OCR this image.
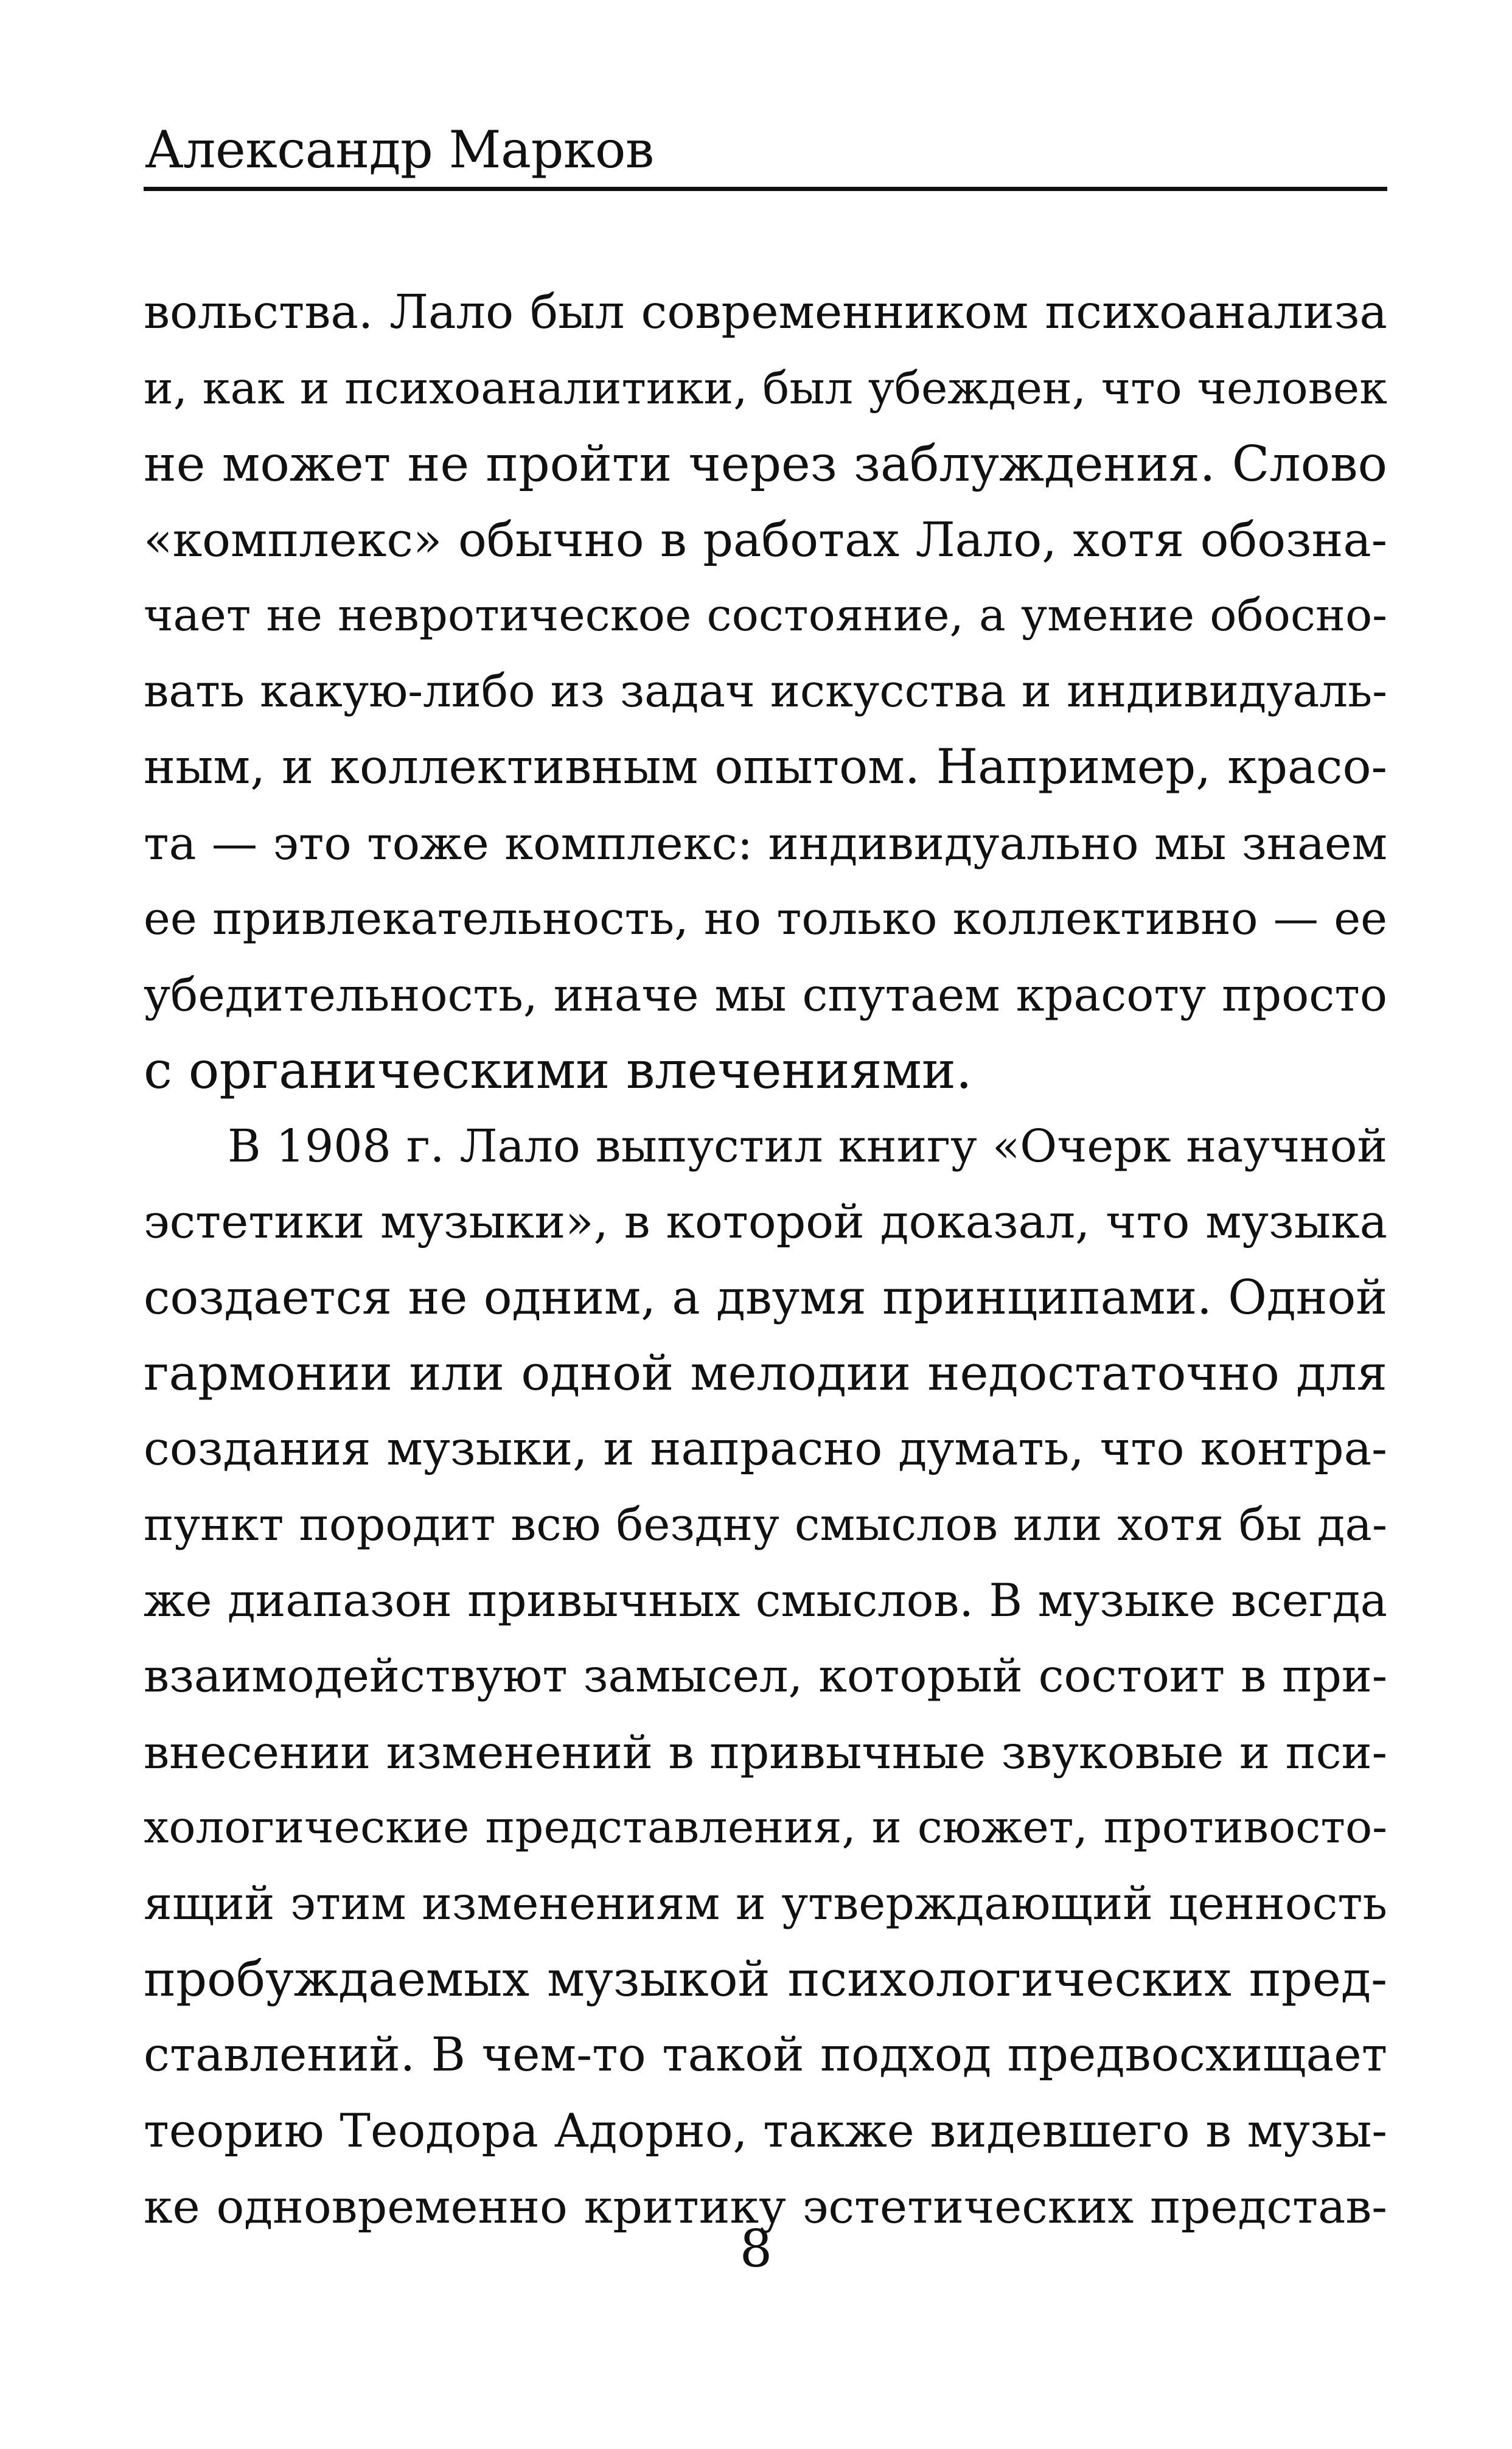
Александр Марков
вольства. Лало был современником психоанализа
и, как и психоаналитики, был убежден, что человек
не может не пройти через заблуждения. Слово
«комплекс» обычно в работах Лало, хотя обозна-
чает не невротическое состояние, а умение обосно-
вать какую-либо из задач искусства и индивидуаль-
ным, и коллективным опытом. Например, красо-
та — это тоже комплекс: индивидуально мы знаем
ее привлекательность, но только коллективно — ее
убедительность, иначе мы спутаем красоту просто
с органическими влечениями.
В 1908 г. Лало выпустил книгу «Очерк научной
эстетики музыки», в которой доказал, что музыка
создается не одним, а двумя принципами. Одной
гармонии или одной мелодии недостаточно для
создания музыки, и напрасно думать, что контра-
пункт породит всю бездну смыслов или хотя бы да-
же диапазон привычных смыслов. В музыке всегда
взаимодействуют замысел, который состоит в при-
внесении изменений в привычные звуковые и пси-
хологические представления, и сюжет, противосто-
ящий этим изменениям и утверждающий ценность
пробуждаемых музыкой психологических пред-
ставлений. В чем-то такой подход предвосхищает
теорию Теодора Адорно, также видевшего в музы-
ке одновременно критику эстетических представ-
8
